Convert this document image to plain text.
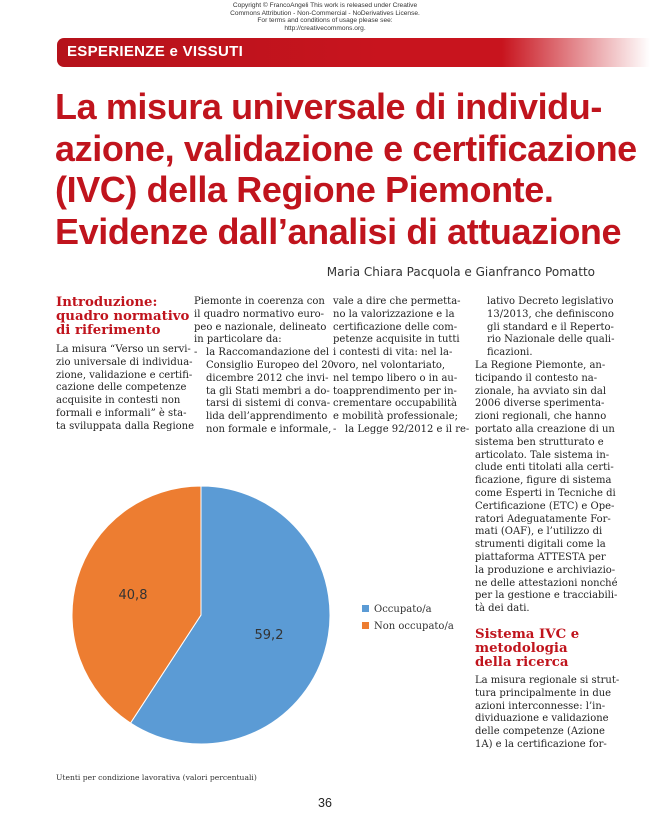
Copyright © FrancoAngeli This work is released under Creative
Commons Attribution - Non-Commercial - NoDerivatives License.
For terms and conditions of usage please see:
http://creativecommons.org.
ESPERIENZE e VISSUTI
La misura universale di individu-
azione, validazione e certificazione
(IVC) della Regione Piemonte.
Evidenze dall’analisi di attuazione
Maria Chiara Pacquola e Gianfranco Pomatto
Introduzione:
quadro normativo
di riferimento
La misura “Verso un servi-
zio universale di individua-
zione, validazione e certifi-
cazione delle competenze
acquisite in contesti non
formali e informali” è sta-
ta sviluppata dalla Regione
Piemonte in coerenza con
il quadro normativo euro-
peo e nazionale, delineato
in particolare da:
- la Raccomandazione del
Consiglio Europeo del 20
dicembre 2012 che invi-
ta gli Stati membri a do-
tarsi di sistemi di conva-
lida dell’apprendimento
non formale e informale,
vale a dire che permetta-
no la valorizzazione e la
certificazione delle com-
petenze acquisite in tutti
i contesti di vita: nel la-
voro, nel volontariato,
nel tempo libero o in au-
toapprendimento per in-
crementare occupabilità
e mobilità professionale;
- la Legge 92/2012 e il re-
lativo Decreto legislativo
13/2013, che definiscono
gli standard e il Reperto-
rio Nazionale delle quali-
ficazioni.
La Regione Piemonte, an-
ticipando il contesto na-
zionale, ha avviato sin dal
2006 diverse sperimenta-
zioni regionali, che hanno
portato alla creazione di un
sistema ben strutturato e
articolato. Tale sistema in-
clude enti titolati alla certi-
ficazione, figure di sistema
come Esperti in Tecniche di
Certificazione (ETC) e Ope-
ratori Adeguatamente For-
mati (OAF), e l’utilizzo di
strumenti digitali come la
piattaforma ATTESTA per
la produzione e archiviazio-
ne delle attestazioni nonché
per la gestione e tracciabili-
tà dei dati.
Sistema IVC e
metodologia
della ricerca
La misura regionale si strut-
tura principalmente in due
azioni interconnesse: l’in-
dividuazione e validazione
delle competenze (Azione
1A) e la certificazione for-
59,2
40,8
Occupato/a
Non occupato/a
Utenti per condizione lavorativa (valori percentuali)
36
